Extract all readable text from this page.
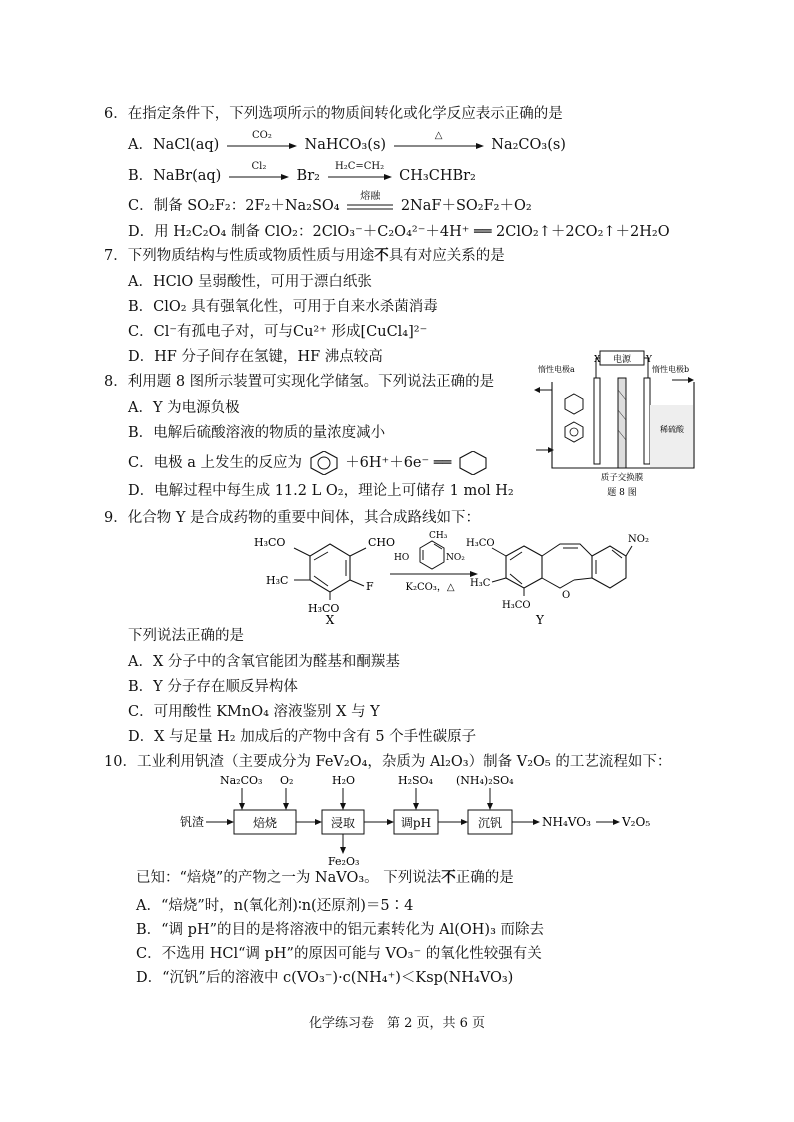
6．在指定条件下，下列选项所示的物质间转化或化学反应表示正确的是
A．NaCl(aq)
CO₂
NaHCO₃(s)
△
Na₂CO₃(s)
B．NaBr(aq)
Cl₂
Br₂
H₂C=CH₂
CH₃CHBr₂
C．制备 SO₂F₂：2F₂＋Na₂SO₄
熔融
2NaF＋SO₂F₂＋O₂
D．用 H₂C₂O₄ 制备 ClO₂：2ClO₃⁻＋C₂O₄²⁻＋4H⁺ ══ 2ClO₂↑＋2CO₂↑＋2H₂O
7．下列物质结构与性质或物质性质与用途不具有对应关系的是
A．HClO 呈弱酸性，可用于漂白纸张
B．ClO₂ 具有强氧化性，可用于自来水杀菌消毒
C．Cl⁻有孤电子对，可与Cu²⁺ 形成[CuCl₄]²⁻
D．HF 分子间存在氢键，HF 沸点较高
8．利用题 8 图所示装置可实现化学储氢。下列说法正确的是
A．Y 为电源负极
B．电解后硫酸溶液的物质的量浓度减小
C．电极 a 上发生的反应为	＋6H⁺＋6e⁻ ══
D．电解过程中每生成 11.2 L O₂，理论上可储存 1 mol H₂
电源
X	Y
惰性电极a	惰性电极b
稀硫酸
质子交换膜
题 8 图
9．化合物 Y 是合成药物的重要中间体，其合成路线如下：
H₃CO	CHO
H₃C	F
H₃CO
X
HO
CH₃
NO₂
K₂CO₃，△
O
NO₂
H₃CO
H₃C
H₃CO
Y
下列说法正确的是
A．X 分子中的含氧官能团为醛基和酮羰基
B．Y 分子存在顺反异构体
C．可用酸性 KMnO₄ 溶液鉴别 X 与 Y
D．X 与足量 H₂ 加成后的产物中含有 5 个手性碳原子
10．工业利用钒渣（主要成分为 FeV₂O₄，杂质为 Al₂O₃）制备 V₂O₅ 的工艺流程如下：
钒渣	焙烧	浸取	调pH	沉钒	NH₄VO₃	V₂O₅
Na₂CO₃ O₂	H₂O	H₂SO₄ (NH₄)₂SO₄
Fe₂O₃
已知：“焙烧”的产物之一为 NaVO₃。 下列说法不正确的是
A．“焙烧”时，n(氧化剂)∶n(还原剂)＝5∶4
B．“调 pH”的目的是将溶液中的铝元素转化为 Al(OH)₃ 而除去
C．不选用 HCl“调 pH”的原因可能与 VO₃⁻ 的氧化性较强有关
D．“沉钒”后的溶液中 c(VO₃⁻)·c(NH₄⁺)＜Ksp(NH₄VO₃)
化学练习卷　第 2 页，共 6 页
